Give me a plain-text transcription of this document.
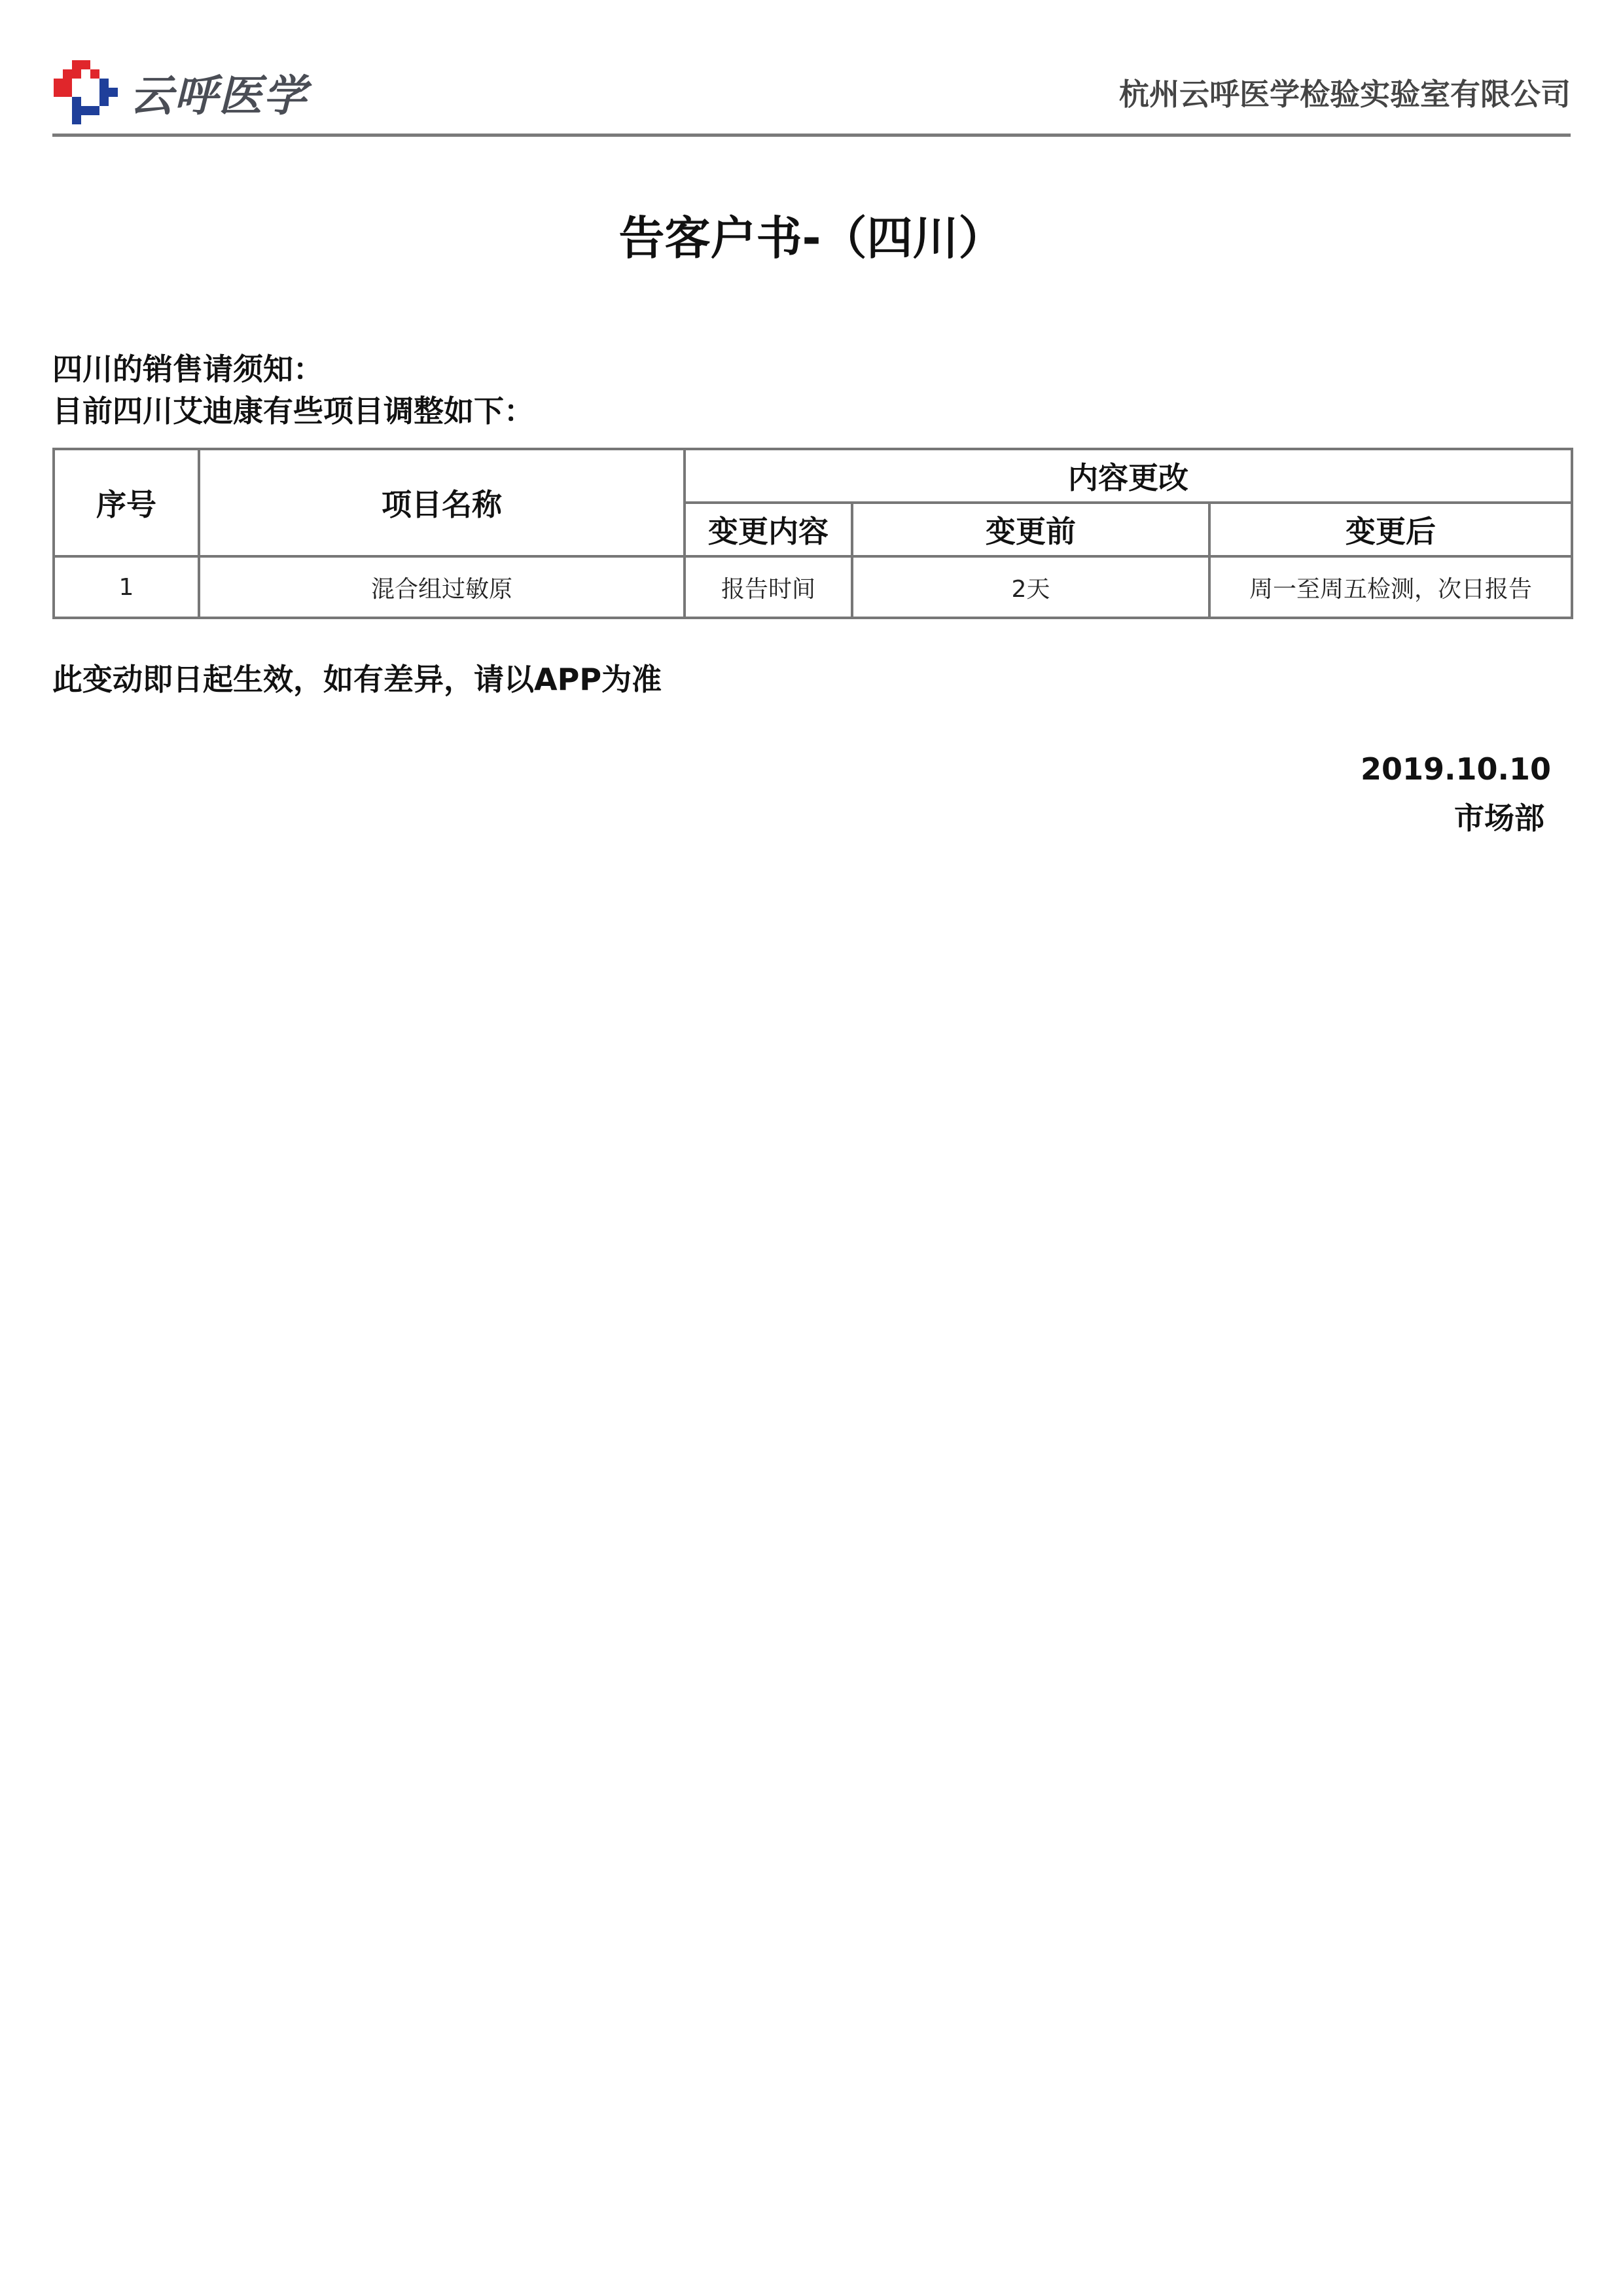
云呼医学	杭州云呼医学检验实验室有限公司
告客户书-（四川）
四川的销售请须知：
目前四川艾迪康有些项目调整如下：
序号	项目名称	内容更改		
		变更内容	变更前	变更后
1	混合组过敏原	报告时间	2天	周一至周五检测，次日报告
此变动即日起生效，如有差异，请以APP为准
2019.10.10
市场部
